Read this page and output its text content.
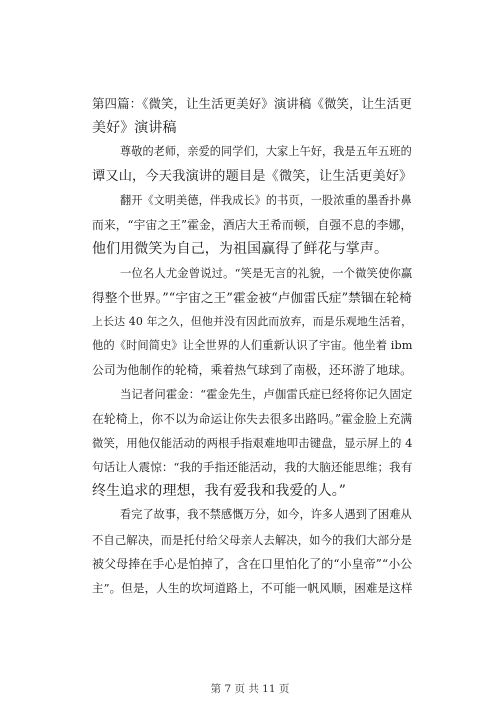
第四篇：《微笑，让生活更美好》演讲稿《微笑，让生活更
美好》演讲稿
尊敬的老师，亲爱的同学们，大家上午好，我是五年五班的
谭又山，今天我演讲的题目是《微笑，让生活更美好》
翻开《文明美德，伴我成长》的书页，一股浓重的墨香扑鼻
而来，“宇宙之王”霍金，酒店大王希而顿，自强不息的李娜，
他们用微笑为自己，为祖国赢得了鲜花与掌声。
一位名人尤金曾说过。“笑是无言的礼貌，一个微笑使你赢
得整个世界。”“宇宙之王”霍金被“卢伽雷氏症”禁锢在轮椅
上长达 40 年之久，但他并没有因此而放弃，而是乐观地生活着，
他的《时间简史》让全世界的人们重新认识了宇宙。他坐着 ibm
公司为他制作的轮椅，乘着热气球到了南极，还环游了地球。
当记者问霍金：“霍金先生，卢伽雷氏症已经将你记久固定
在轮椅上，你不以为命运让你失去很多出路吗。”霍金脸上充满
微笑，用他仅能活动的两根手指艰难地叩击键盘，显示屏上的 4
句话让人震惊：“我的手指还能活动，我的大脑还能思维；我有
终生追求的理想，我有爱我和我爱的人。”
看完了故事，我不禁感慨万分，如今，许多人遇到了困难从
不自己解决，而是托付给父母亲人去解决，如今的我们大部分是
被父母捧在手心是怕掉了，含在口里怕化了的“小皇帝”“小公
主”。但是，人生的坎坷道路上，不可能一帆风顺，困难是这样
第 7 页 共 11 页
